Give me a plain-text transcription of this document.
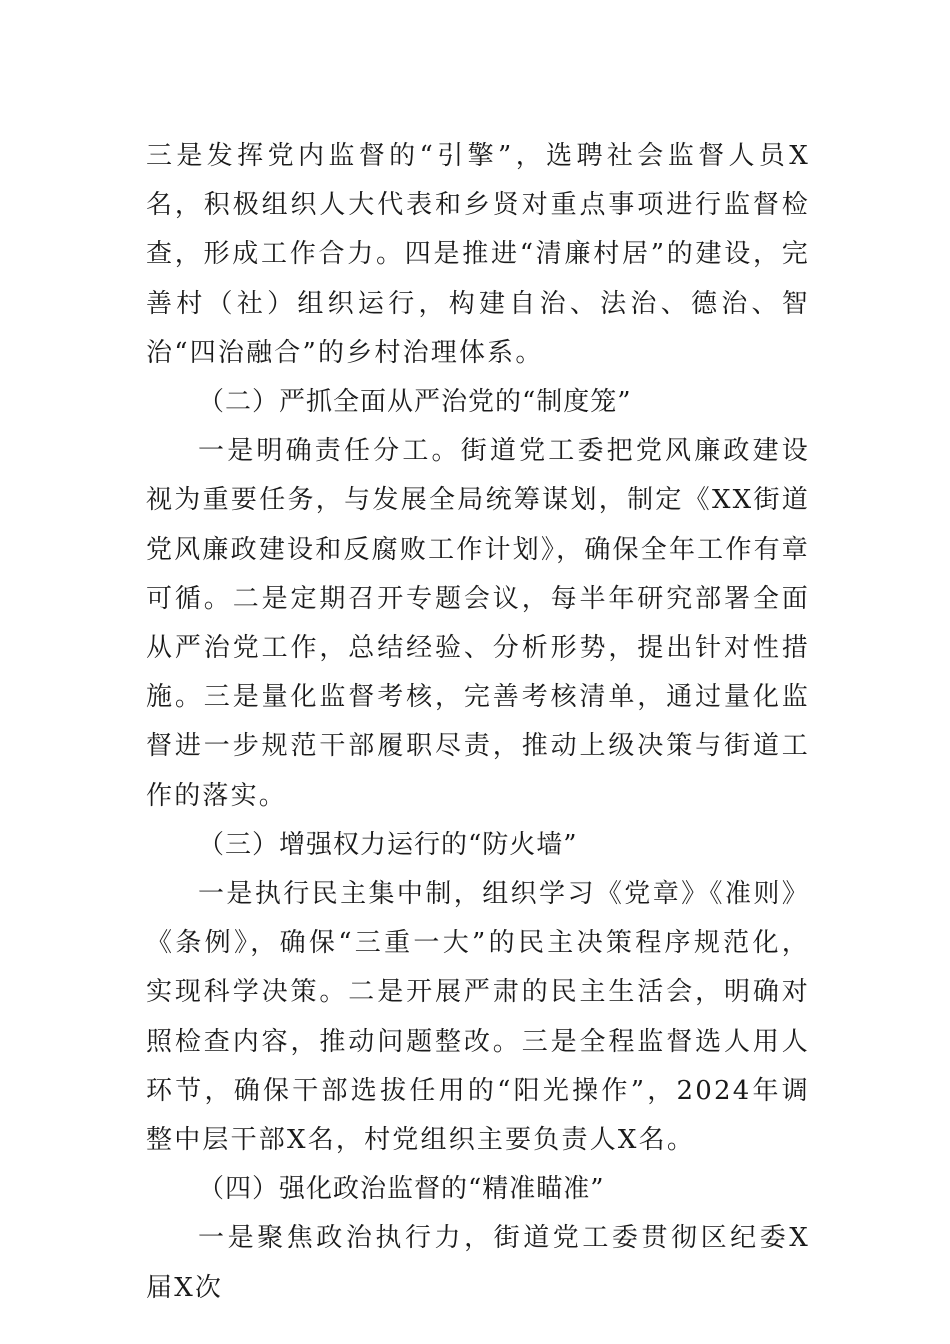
三是发挥党内监督的“引擎”，选聘社会监督人员X名，积极组织人大代表和乡贤对重点事项进行监督检查，形成工作合力。四是推进“清廉村居”的建设，完善村（社）组织运行，构建自治、法治、德治、智治“四治融合”的乡村治理体系。

（二）严抓全面从严治党的“制度笼”

一是明确责任分工。街道党工委把党风廉政建设视为重要任务，与发展全局统筹谋划，制定《XX街道党风廉政建设和反腐败工作计划》，确保全年工作有章可循。二是定期召开专题会议，每半年研究部署全面从严治党工作，总结经验、分析形势，提出针对性措施。三是量化监督考核，完善考核清单，通过量化监督进一步规范干部履职尽责，推动上级决策与街道工作的落实。

（三）增强权力运行的“防火墙”

一是执行民主集中制，组织学习《党章》《准则》《条例》，确保“三重一大”的民主决策程序规范化，实现科学决策。二是开展严肃的民主生活会，明确对照检查内容，推动问题整改。三是全程监督选人用人环节，确保干部选拔任用的“阳光操作”，2024年调整中层干部X名，村党组织主要负责人X名。

（四）强化政治监督的“精准瞄准”

一是聚焦政治执行力，街道党工委贯彻区纪委X届X次
